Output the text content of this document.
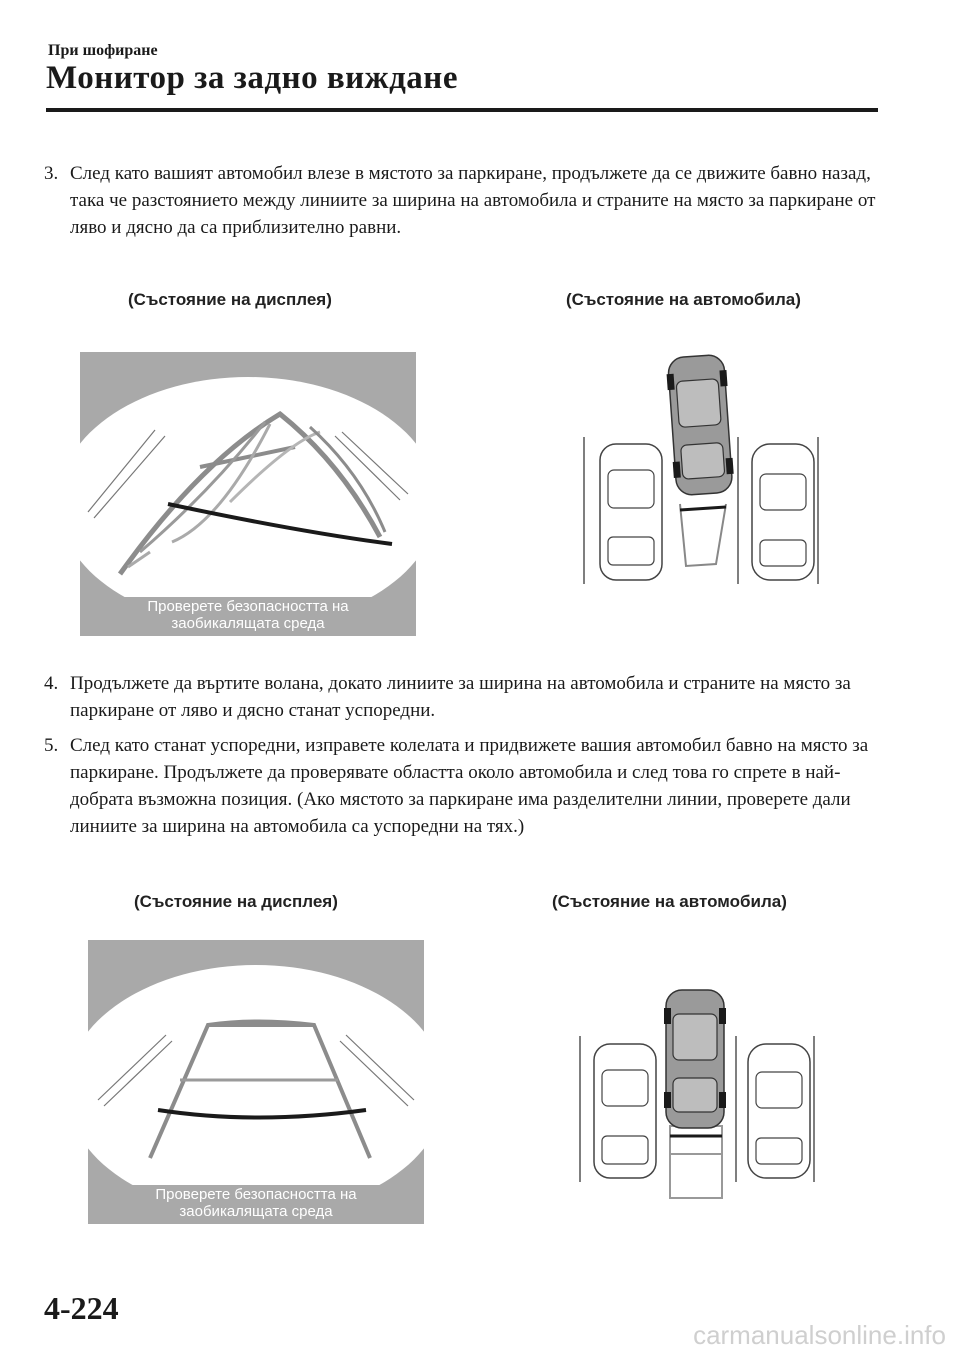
При шофиране
Монитор за задно виждане
3. След като вашият автомобил влезе в мястото за паркиране, продължете да се движите бавно назад, така че разстоянието между линиите за ширина на автомобила и страните на място за паркиране от ляво и дясно да са приблизително равни.
(Състояние на дисплея)	(Състояние на автомобила)
Проверете безопасността на
заобикалящата среда
4. Продължете да въртите волана, докато линиите за ширина на автомобила и страните на място за паркиране от ляво и дясно станат успоредни.
5. След като станат успоредни, изправете колелата и придвижете вашия автомобил бавно на място за паркиране. Продължете да проверявате областта около автомобила и след това го спрете в най-добрата възможна позиция. (Ако мястото за паркиране има разделителни линии, проверете дали линиите за ширина на автомобила са успоредни на тях.)
(Състояние на дисплея)	(Състояние на автомобила)
Проверете безопасността на
заобикалящата среда
4-224
carmanualsonline.info
